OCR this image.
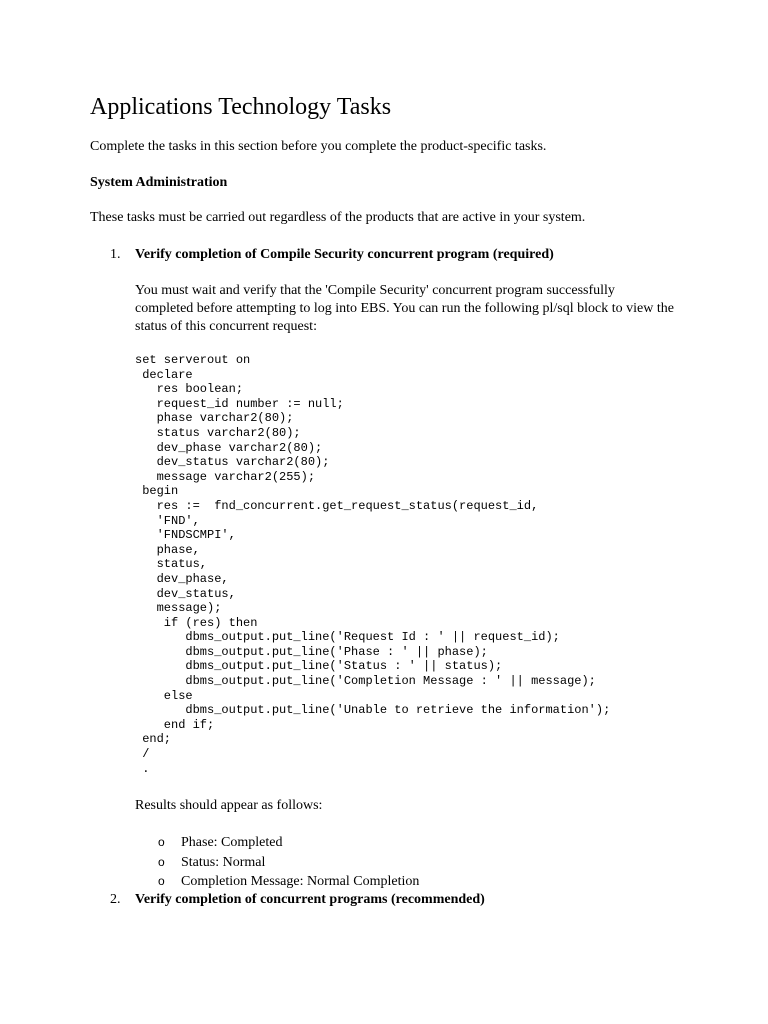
Applications Technology Tasks

Complete the tasks in this section before you complete the product-specific tasks.

System Administration

These tasks must be carried out regardless of the products that are active in your system.

1. Verify completion of Compile Security concurrent program (required)

You must wait and verify that the 'Compile Security' concurrent program successfully completed before attempting to log into EBS. You can run the following pl/sql block to view the status of this concurrent request:

set serverout on
declare
res boolean;
request_id number := null;
phase varchar2(80);
status varchar2(80);
dev_phase varchar2(80);
dev_status varchar2(80);
message varchar2(255);
begin
res :=  fnd_concurrent.get_request_status(request_id,
'FND',
'FNDSCMPI',
phase,
status,
dev_phase,
dev_status,
message);
if (res) then
dbms_output.put_line('Request Id : ' || request_id);
dbms_output.put_line('Phase : ' || phase);
dbms_output.put_line('Status : ' || status);
dbms_output.put_line('Completion Message : ' || message);
else
dbms_output.put_line('Unable to retrieve the information');
end if;
end;
/
.

Results should appear as follows:

o Phase: Completed
o Status: Normal
o Completion Message: Normal Completion
2. Verify completion of concurrent programs (recommended)
